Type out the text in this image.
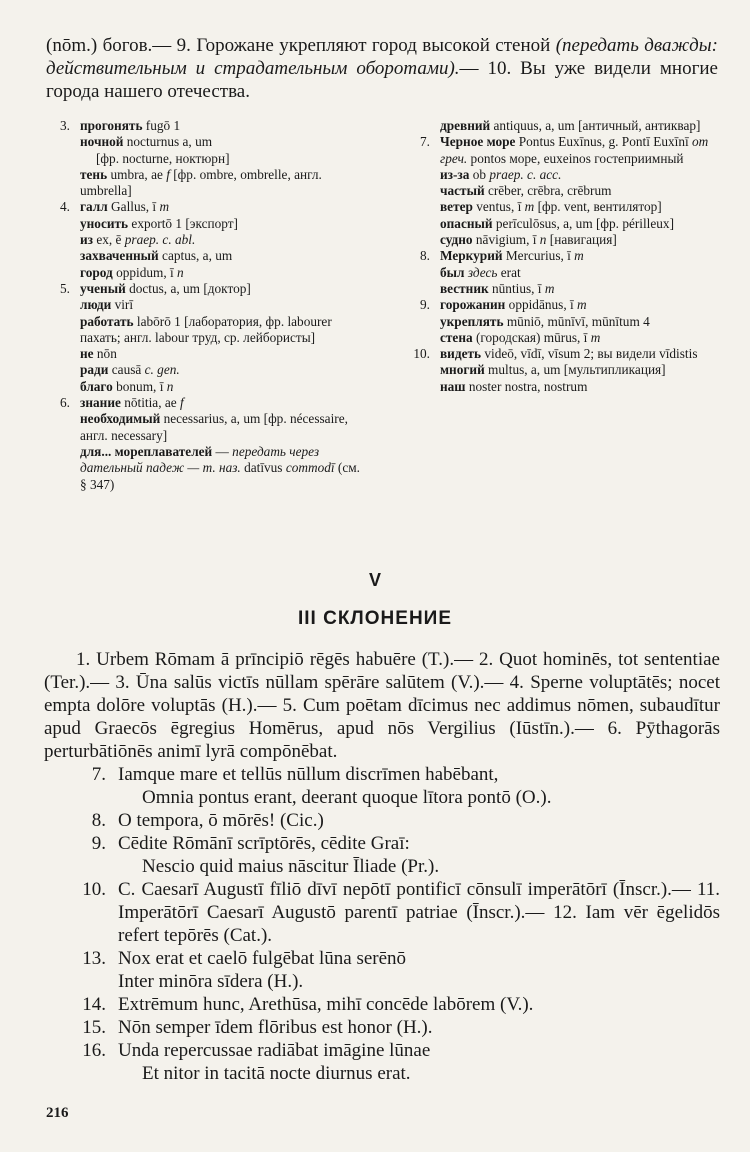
(nōm.) богов.— 9. Горожане укрепляют город высокой стеной (передать дважды: действительным и страдательным оборотами).— 10. Вы уже видели многие города нашего отечества.
3. прогонять fugō 1
ночной nocturnus a, um
[фр. nocturne, ноктюрн]
тень umbra, ae f [фр. ombre, ombrelle, англ. umbrella]
4. галл Gallus, ī m
уносить exportō 1 [экспорт]
из ex, ē praep. c. abl.
захваченный captus, a, um
город oppidum, ī n
5. ученый doctus, a, um [доктор]
люди virī
работать labōrō 1 [лаборатория, фр. labourer пахать; англ. labour труд, ср. лейбористы]
не nōn
ради causā c. gen.
благо bonum, ī n
6. знание nōtitia, ae f
необходимый necessarius, a, um [фр. nécessaire, англ. necessary]
для... мореплавателей — передать через дательный падеж — т. наз. datīvus commodī (см. § 347)
древний antiquus, a, um [античный, антиквар]
7. Черное море Pontus Euxīnus, g. Pontī Euxīnī от греч. pontos море, euxeinos гостеприимный
из-за ob praep. c. acc.
частый crēber, crēbra, crēbrum
ветер ventus, ī m [фр. vent, вентилятор]
опасный perīculōsus, a, um [фр. périlleux]
судно nāvigium, ī n [навигация]
8. Меркурий Mercurius, ī m
был здесь erat
вестник nūntius, ī m
9. горожанин oppidānus, ī m
укреплять mūniō, mūnīvī, mūnītum 4
стена (городская) mūrus, ī m
10. видеть videō, vīdī, vīsum 2; вы видели vīdistis
многий multus, a, um [мультипликация]
наш noster nostra, nostrum
V
III СКЛОНЕНИЕ
1. Urbem Rōmam ā prīncipiō rēgēs habuēre (T.).— 2. Quot hominēs, tot sententiae (Ter.).— 3. Ūna salūs victīs nūllam spērāre salūtem (V.).— 4. Sperne voluptātēs; nocet empta dolōre voluptās (H.).— 5. Cum poētam dīcimus nec addimus nōmen, subaudītur apud Graecōs ēgregius Homērus, apud nōs Vergilius (Iūstīn.).— 6. Pȳthagorās perturbātiōnēs animī lyrā compōnēbat.
7. Iamque mare et tellūs nūllum discrīmen habēbant,
Omnia pontus erant, deerant quoque lītora pontō (O.).
8. O tempora, ō mōrēs! (Cic.)
9. Cēdite Rōmānī scrīptōrēs, cēdite Graī:
Nescio quid maius nāscitur Īliade (Pr.).
10. C. Caesarī Augustī fīliō dīvī nepōtī pontificī cōnsulī imperātōrī (Īnscr.).— 11. Imperātōrī Caesarī Augustō parentī patriae (Īnscr.).— 12. Iam vēr ēgelidōs refert tepōrēs (Cat.).
13. Nox erat et caelō fulgēbat lūna serēnō
Inter minōra sīdera (H.).
14. Extrēmum hunc, Arethūsa, mihī concēde labōrem (V.).
15. Nōn semper īdem flōribus est honor (H.).
16. Unda repercussae radiābat imāgine lūnae
Et nitor in tacitā nocte diurnus erat.
216
